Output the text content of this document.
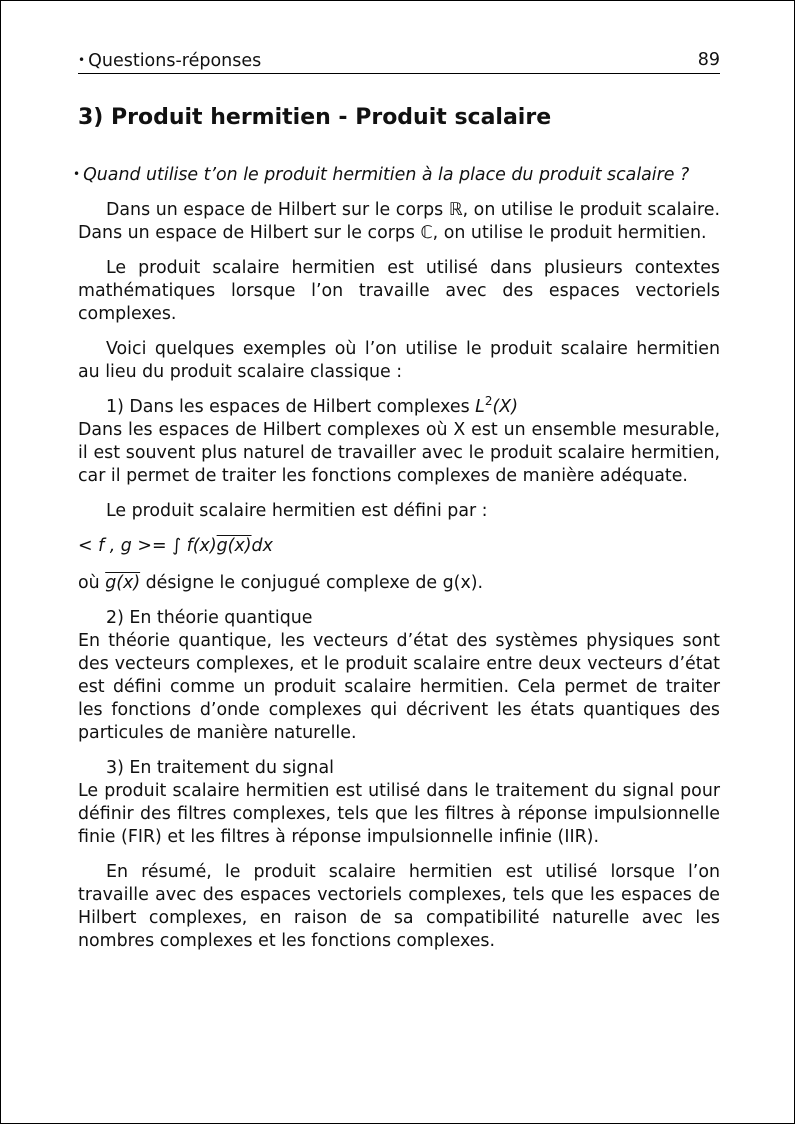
• Questions-réponses	89
3) Produit hermitien - Produit scalaire

• Quand utilise t’on le produit hermitien à la place du produit scalaire ?

Dans un espace de Hilbert sur le corps ℝ, on utilise le produit scalaire. Dans un espace de Hilbert sur le corps ℂ, on utilise le produit hermitien.

Le produit scalaire hermitien est utilisé dans plusieurs contextes mathématiques lorsque l’on travaille avec des espaces vectoriels complexes.

Voici quelques exemples où l’on utilise le produit scalaire hermitien au lieu du produit scalaire classique :

1) Dans les espaces de Hilbert complexes $L^2(X)$
Dans les espaces de Hilbert complexes où X est un ensemble mesurable, il est souvent plus naturel de travailler avec le produit scalaire hermitien, car il permet de traiter les fonctions complexes de manière adéquate.

Le produit scalaire hermitien est défini par :

< f , g >= ∫ f(x)g(x)dx

où g(x) désigne le conjugué complexe de g(x).

2) En théorie quantique
En théorie quantique, les vecteurs d’état des systèmes physiques sont des vecteurs complexes, et le produit scalaire entre deux vecteurs d’état est défini comme un produit scalaire hermitien. Cela permet de traiter les fonctions d’onde complexes qui décrivent les états quantiques des particules de manière naturelle.

3) En traitement du signal
Le produit scalaire hermitien est utilisé dans le traitement du signal pour définir des filtres complexes, tels que les filtres à réponse impulsionnelle finie (FIR) et les filtres à réponse impulsionnelle infinie (IIR).

En résumé, le produit scalaire hermitien est utilisé lorsque l’on travaille avec des espaces vectoriels complexes, tels que les espaces de Hilbert complexes, en raison de sa compatibilité naturelle avec les nombres complexes et les fonctions complexes.
